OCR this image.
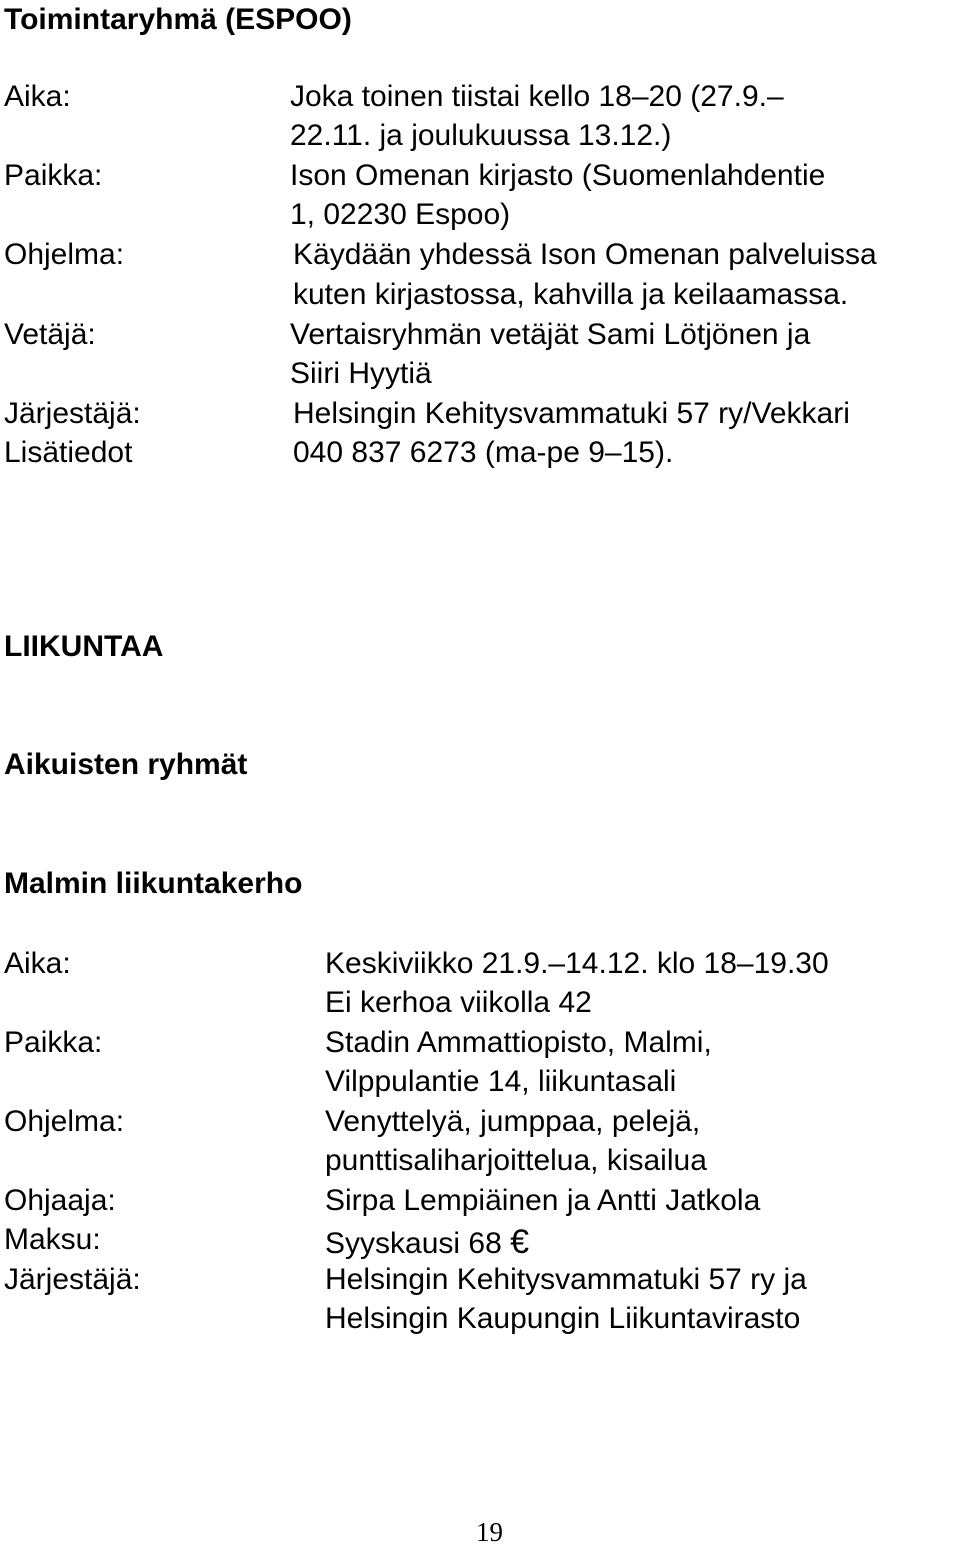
Toimintaryhmä (ESPOO)
Aika:	Joka toinen tiistai kello 18–20 (27.9.–
22.11. ja joulukuussa 13.12.)
Paikka:	Ison Omenan kirjasto (Suomenlahdentie
1, 02230 Espoo)
Ohjelma:	Käydään yhdessä Ison Omenan palveluissa
kuten kirjastossa, kahvilla ja keilaamassa.
Vetäjä:	Vertaisryhmän vetäjät Sami Lötjönen ja
Siiri Hyytiä
Järjestäjä:	Helsingin Kehitysvammatuki 57 ry/Vekkari
Lisätiedot	040 837 6273 (ma-pe 9–15).
LIIKUNTAA
Aikuisten ryhmät
Malmin liikuntakerho
Aika:	Keskiviikko 21.9.–14.12. klo 18–19.30
Ei kerhoa viikolla 42
Paikka:	Stadin Ammattiopisto, Malmi,
Vilppulantie 14, liikuntasali
Ohjelma:	Venyttelyä, jumppaa, pelejä,
punttisaliharjoittelua, kisailua
Ohjaaja:	Sirpa Lempiäinen ja Antti Jatkola
Maksu:	Syyskausi 68 €
Järjestäjä:	Helsingin Kehitysvammatuki 57 ry ja
Helsingin Kaupungin Liikuntavirasto
19
